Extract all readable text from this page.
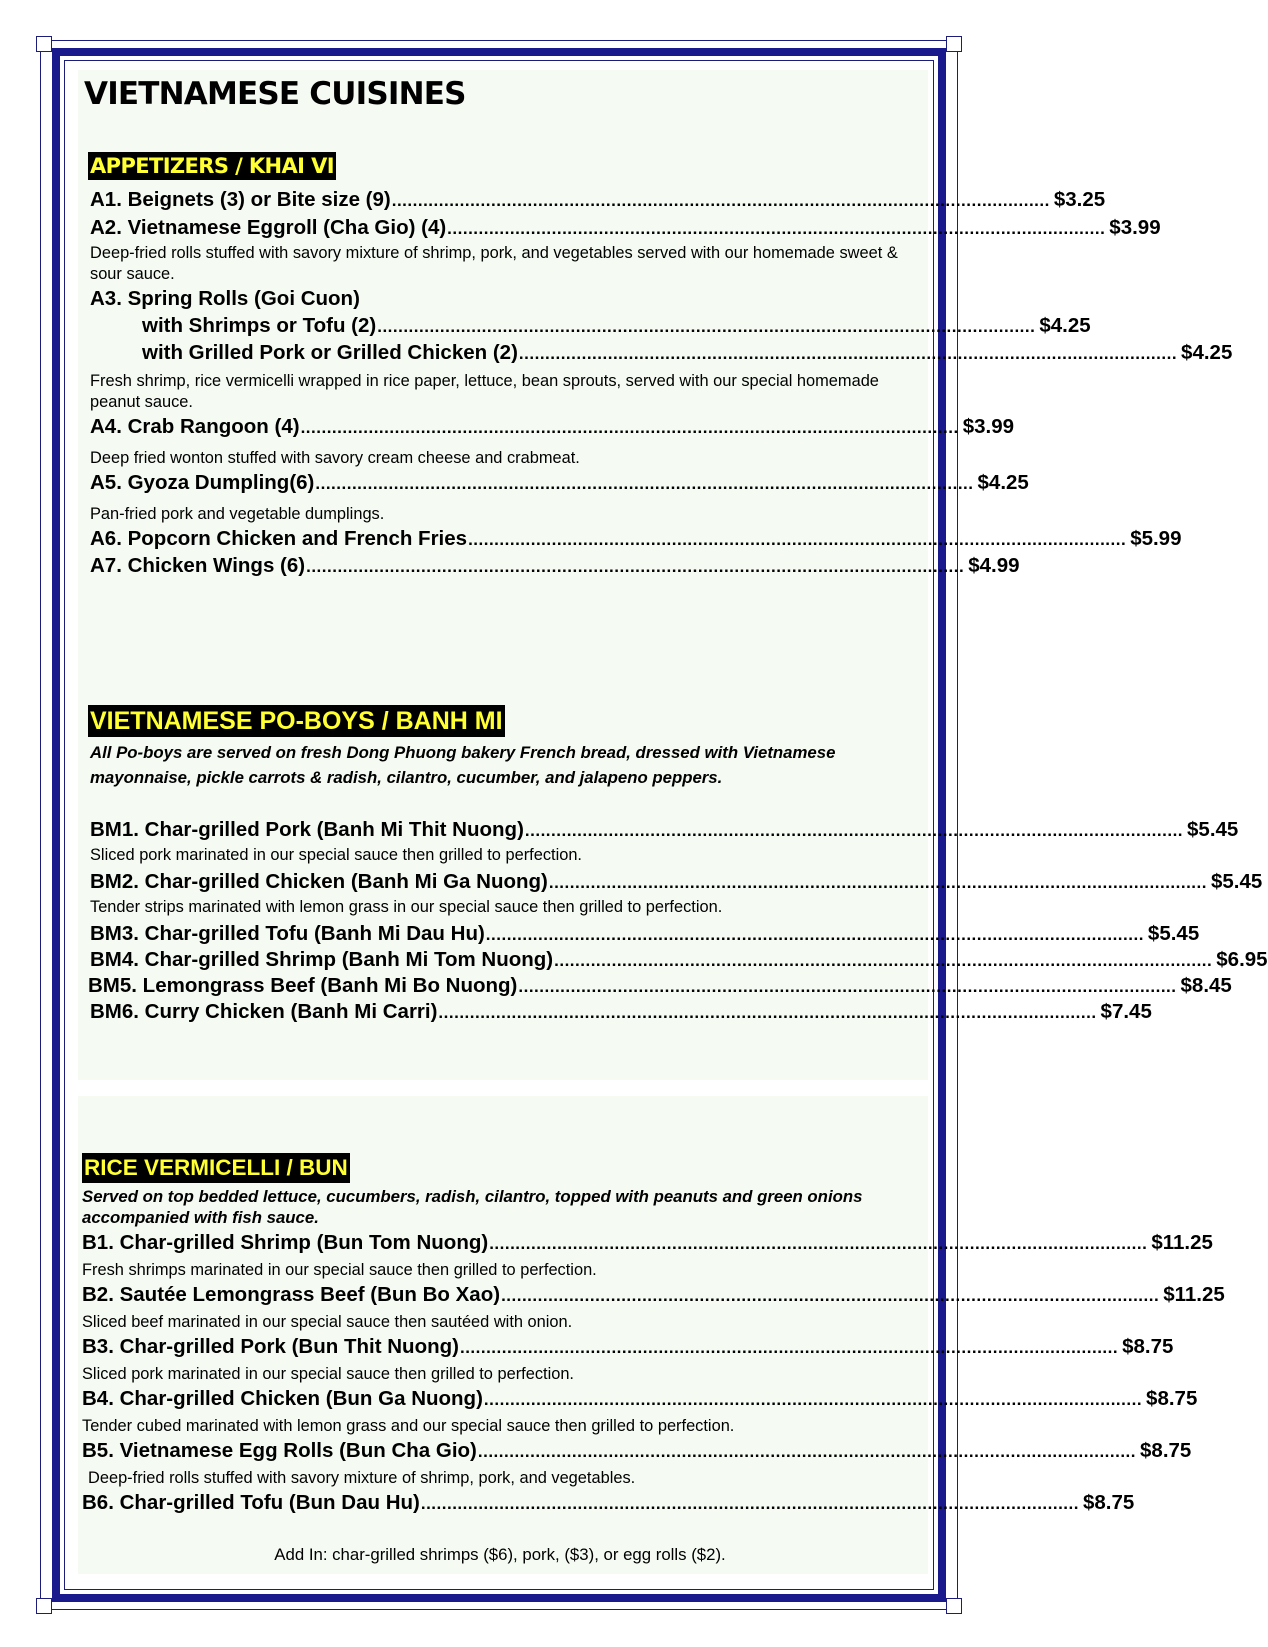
VIETNAMESE CUISINES
APPETIZERS / KHAI VI
A1. Beignets (3) or Bite size (9) .............................................................................................................................. $3.25
A2. Vietnamese Eggroll (Cha Gio) (4) .............................................................................................................................. $3.99
Deep-fried rolls stuffed with savory mixture of shrimp, pork, and vegetables served with our homemade sweet & sour sauce.
A3. Spring Rolls (Goi Cuon)
with Shrimps or Tofu (2) .............................................................................................................................. $4.25
with Grilled Pork or Grilled Chicken (2) .............................................................................................................................. $4.25
Fresh shrimp, rice vermicelli wrapped in rice paper, lettuce, bean sprouts, served with our special homemade peanut sauce.
A4. Crab Rangoon (4) .............................................................................................................................. $3.99
Deep fried wonton stuffed with savory cream cheese and crabmeat.
A5. Gyoza Dumpling(6) .............................................................................................................................. $4.25
Pan-fried pork and vegetable dumplings.
A6. Popcorn Chicken and French Fries .............................................................................................................................. $5.99
A7. Chicken Wings (6) .............................................................................................................................. $4.99
VIETNAMESE PO-BOYS / BANH MI
All Po-boys are served on fresh Dong Phuong bakery French bread, dressed with Vietnamese mayonnaise, pickle carrots & radish, cilantro, cucumber, and jalapeno peppers.
BM1. Char-grilled Pork (Banh Mi Thit Nuong) .............................................................................................................................. $5.45
Sliced pork marinated in our special sauce then grilled to perfection.
BM2. Char-grilled Chicken (Banh Mi Ga Nuong) .............................................................................................................................. $5.45
Tender strips marinated with lemon grass in our special sauce then grilled to perfection.
BM3. Char-grilled Tofu (Banh Mi Dau Hu) .............................................................................................................................. $5.45
BM4. Char-grilled Shrimp (Banh Mi Tom Nuong) .............................................................................................................................. $6.95
BM5. Lemongrass Beef (Banh Mi Bo Nuong) .............................................................................................................................. $8.45
BM6. Curry Chicken (Banh Mi Carri) .............................................................................................................................. $7.45
RICE VERMICELLI / BUN
Served on top bedded lettuce, cucumbers, radish, cilantro, topped with peanuts and green onions accompanied with fish sauce.
B1. Char-grilled Shrimp (Bun Tom Nuong) .............................................................................................................................. $11.25
Fresh shrimps marinated in our special sauce then grilled to perfection.
B2. Sautée Lemongrass Beef (Bun Bo Xao) .............................................................................................................................. $11.25
Sliced beef marinated in our special sauce then sautéed with onion.
B3. Char-grilled Pork (Bun Thit Nuong) .............................................................................................................................. $8.75
Sliced pork marinated in our special sauce then grilled to perfection.
B4. Char-grilled Chicken (Bun Ga Nuong) .............................................................................................................................. $8.75
Tender cubed marinated with lemon grass and our special sauce then grilled to perfection.
B5. Vietnamese Egg Rolls (Bun Cha Gio) .............................................................................................................................. $8.75
Deep-fried rolls stuffed with savory mixture of shrimp, pork, and vegetables.
B6. Char-grilled Tofu (Bun Dau Hu) .............................................................................................................................. $8.75
Add In: char-grilled shrimps ($6), pork, ($3), or egg rolls ($2).
